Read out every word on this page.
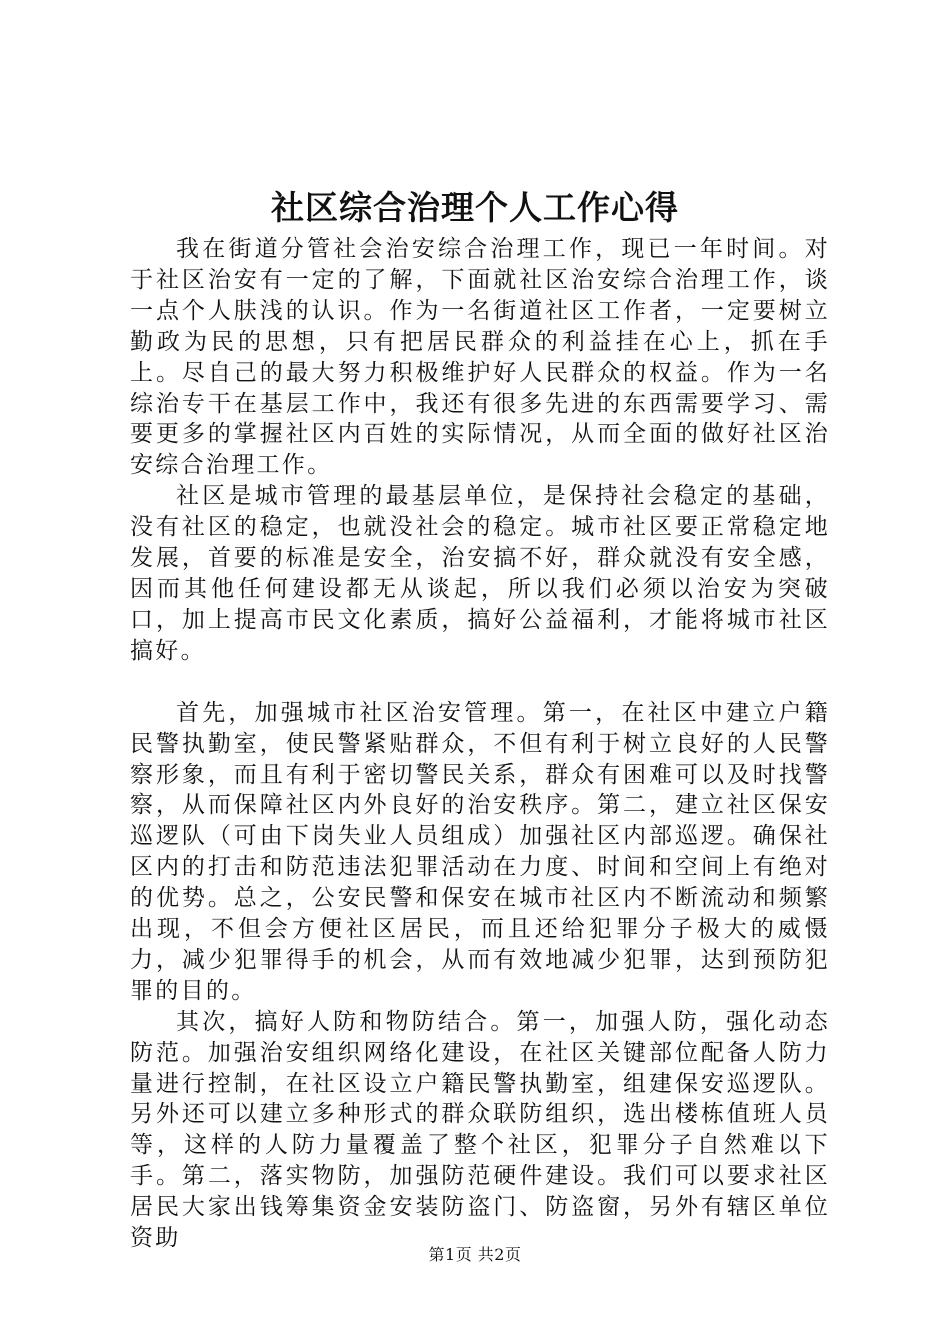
社区综合治理个人工作心得

我在街道分管社会治安综合治理工作，现已一年时间。对于社区治安有一定的了解，下面就社区治安综合治理工作，谈一点个人肤浅的认识。作为一名街道社区工作者，一定要树立勤政为民的思想，只有把居民群众的利益挂在心上，抓在手上。尽自己的最大努力积极维护好人民群众的权益。作为一名综治专干在基层工作中，我还有很多先进的东西需要学习、需要更多的掌握社区内百姓的实际情况，从而全面的做好社区治安综合治理工作。

社区是城市管理的最基层单位，是保持社会稳定的基础，没有社区的稳定，也就没社会的稳定。城市社区要正常稳定地发展，首要的标准是安全，治安搞不好，群众就没有安全感，因而其他任何建设都无从谈起，所以我们必须以治安为突破口，加上提高市民文化素质，搞好公益福利，才能将城市社区搞好。

首先，加强城市社区治安管理。第一，在社区中建立户籍民警执勤室，使民警紧贴群众，不但有利于树立良好的人民警察形象，而且有利于密切警民关系，群众有困难可以及时找警察，从而保障社区内外良好的治安秩序。第二，建立社区保安巡逻队（可由下岗失业人员组成）加强社区内部巡逻。确保社区内的打击和防范违法犯罪活动在力度、时间和空间上有绝对的优势。总之，公安民警和保安在城市社区内不断流动和频繁出现，不但会方便社区居民，而且还给犯罪分子极大的威慑力，减少犯罪得手的机会，从而有效地减少犯罪，达到预防犯罪的目的。

其次，搞好人防和物防结合。第一，加强人防，强化动态防范。加强治安组织网络化建设，在社区关键部位配备人防力量进行控制，在社区设立户籍民警执勤室，组建保安巡逻队。另外还可以建立多种形式的群众联防组织，选出楼栋值班人员等，这样的人防力量覆盖了整个社区，犯罪分子自然难以下手。第二，落实物防，加强防范硬件建设。我们可以要求社区居民大家出钱筹集资金安装防盗门、防盗窗，另外有辖区单位资助

第1页 共2页
